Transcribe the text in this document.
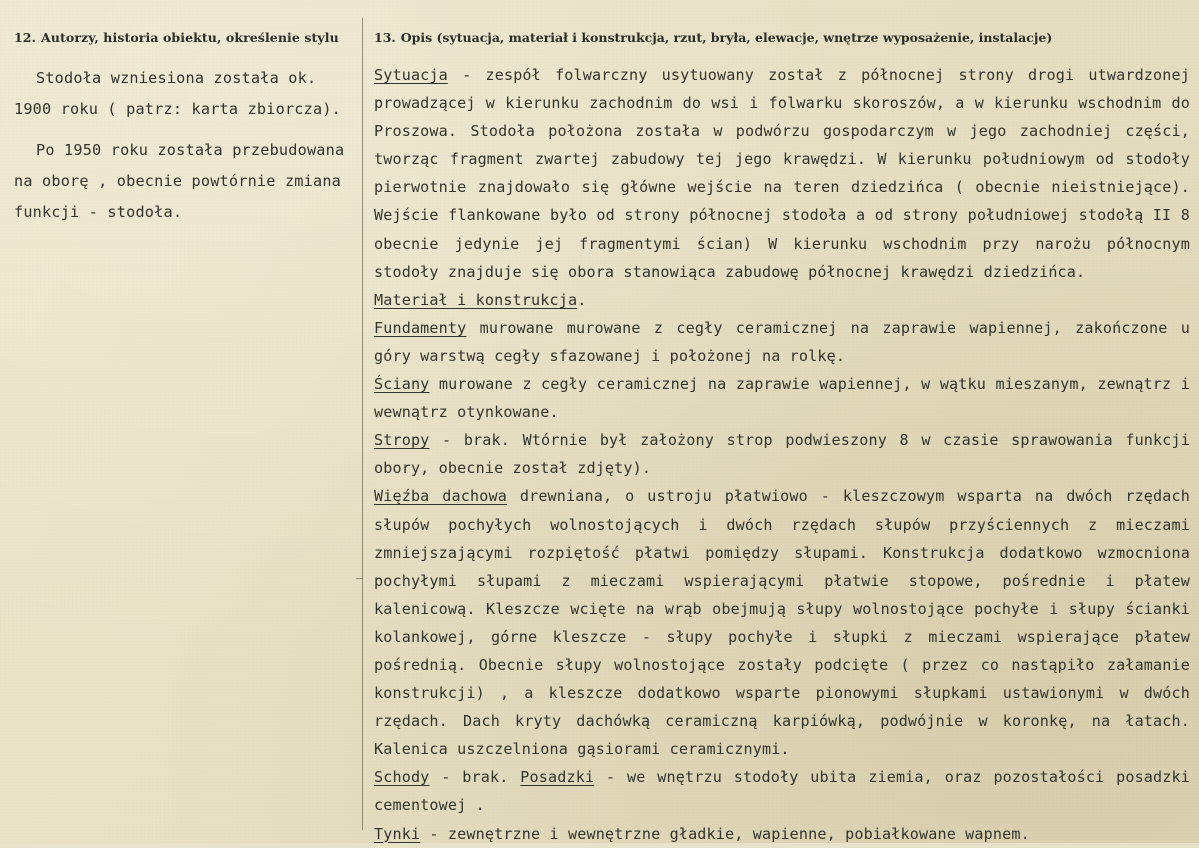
12. Autorzy, historia obiektu, określenie stylu

Stodoła wzniesiona została ok. 1900 roku ( patrz: karta zbiorcza).

Po 1950 roku została przebudowana na oborę , obecnie powtórnie zmiana funkcji - stodoła.

13. Opis (sytuacja, materiał i konstrukcja, rzut, bryła, elewacje, wnętrze wyposażenie, instalacje)

Sytuacja - zespół folwarczny usytuowany został z północnej strony drogi utwardzonej prowadzącej w kierunku zachodnim do wsi i folwarku skoroszów, a w kierunku wschodnim do Proszowa. Stodoła położona została w podwórzu gospodarczym w jego zachodniej części, tworząc fragment zwartej zabudowy tej jego krawędzi. W kierunku południowym od stodoły pierwotnie znajdowało się główne wejście na teren dziedzińca ( obecnie nieistniejące). Wejście flankowane było od strony północnej stodoła a od strony południowej stodołą II 8 obecnie jedynie jej fragmentymi ścian) W kierunku wschodnim przy narożu północnym stodoły znajduje się obora stanowiąca zabudowę północnej krawędzi dziedzińca.

Materiał i konstrukcja.

Fundamenty murowane murowane z cegły ceramicznej na zaprawie wapiennej, zakończone u góry warstwą cegły sfazowanej i położonej na rolkę.

Ściany murowane z cegły ceramicznej na zaprawie wapiennej, w wątku mieszanym, zewnątrz i wewnątrz otynkowane.

Stropy - brak. Wtórnie był założony strop podwieszony 8 w czasie sprawowania funkcji obory, obecnie został zdjęty).

Więźba dachowa drewniana, o ustroju płatwiowo - kleszczowym wsparta na dwóch rzędach słupów pochyłych wolnostojących i dwóch rzędach słupów przyściennych z mieczami zmniejszającymi rozpiętość płatwi pomiędzy słupami. Konstrukcja dodatkowo wzmocniona pochyłymi słupami z mieczami wspierającymi płatwie stopowe, pośrednie i płatew kalenicową. Kleszcze wcięte na wrąb obejmują słupy wolnostojące pochyłe i słupy ścianki kolankowej, górne kleszcze - słupy pochyłe i słupki z mieczami wspierające płatew pośrednią. Obecnie słupy wolnostojące zostały podcięte ( przez co nastąpiło załamanie konstrukcji) , a kleszcze dodatkowo wsparte pionowymi słupkami ustawionymi w dwóch rzędach. Dach kryty dachówką ceramiczną karpiówką, podwójnie w koronkę, na łatach. Kalenica uszczelniona gąsiorami ceramicznymi.

Schody - brak. Posadzki - we wnętrzu stodoły ubita ziemia, oraz pozostałości posadzki cementowej .

Tynki - zewnętrzne i wewnętrzne gładkie, wapienne, pobiałkowane wapnem.
